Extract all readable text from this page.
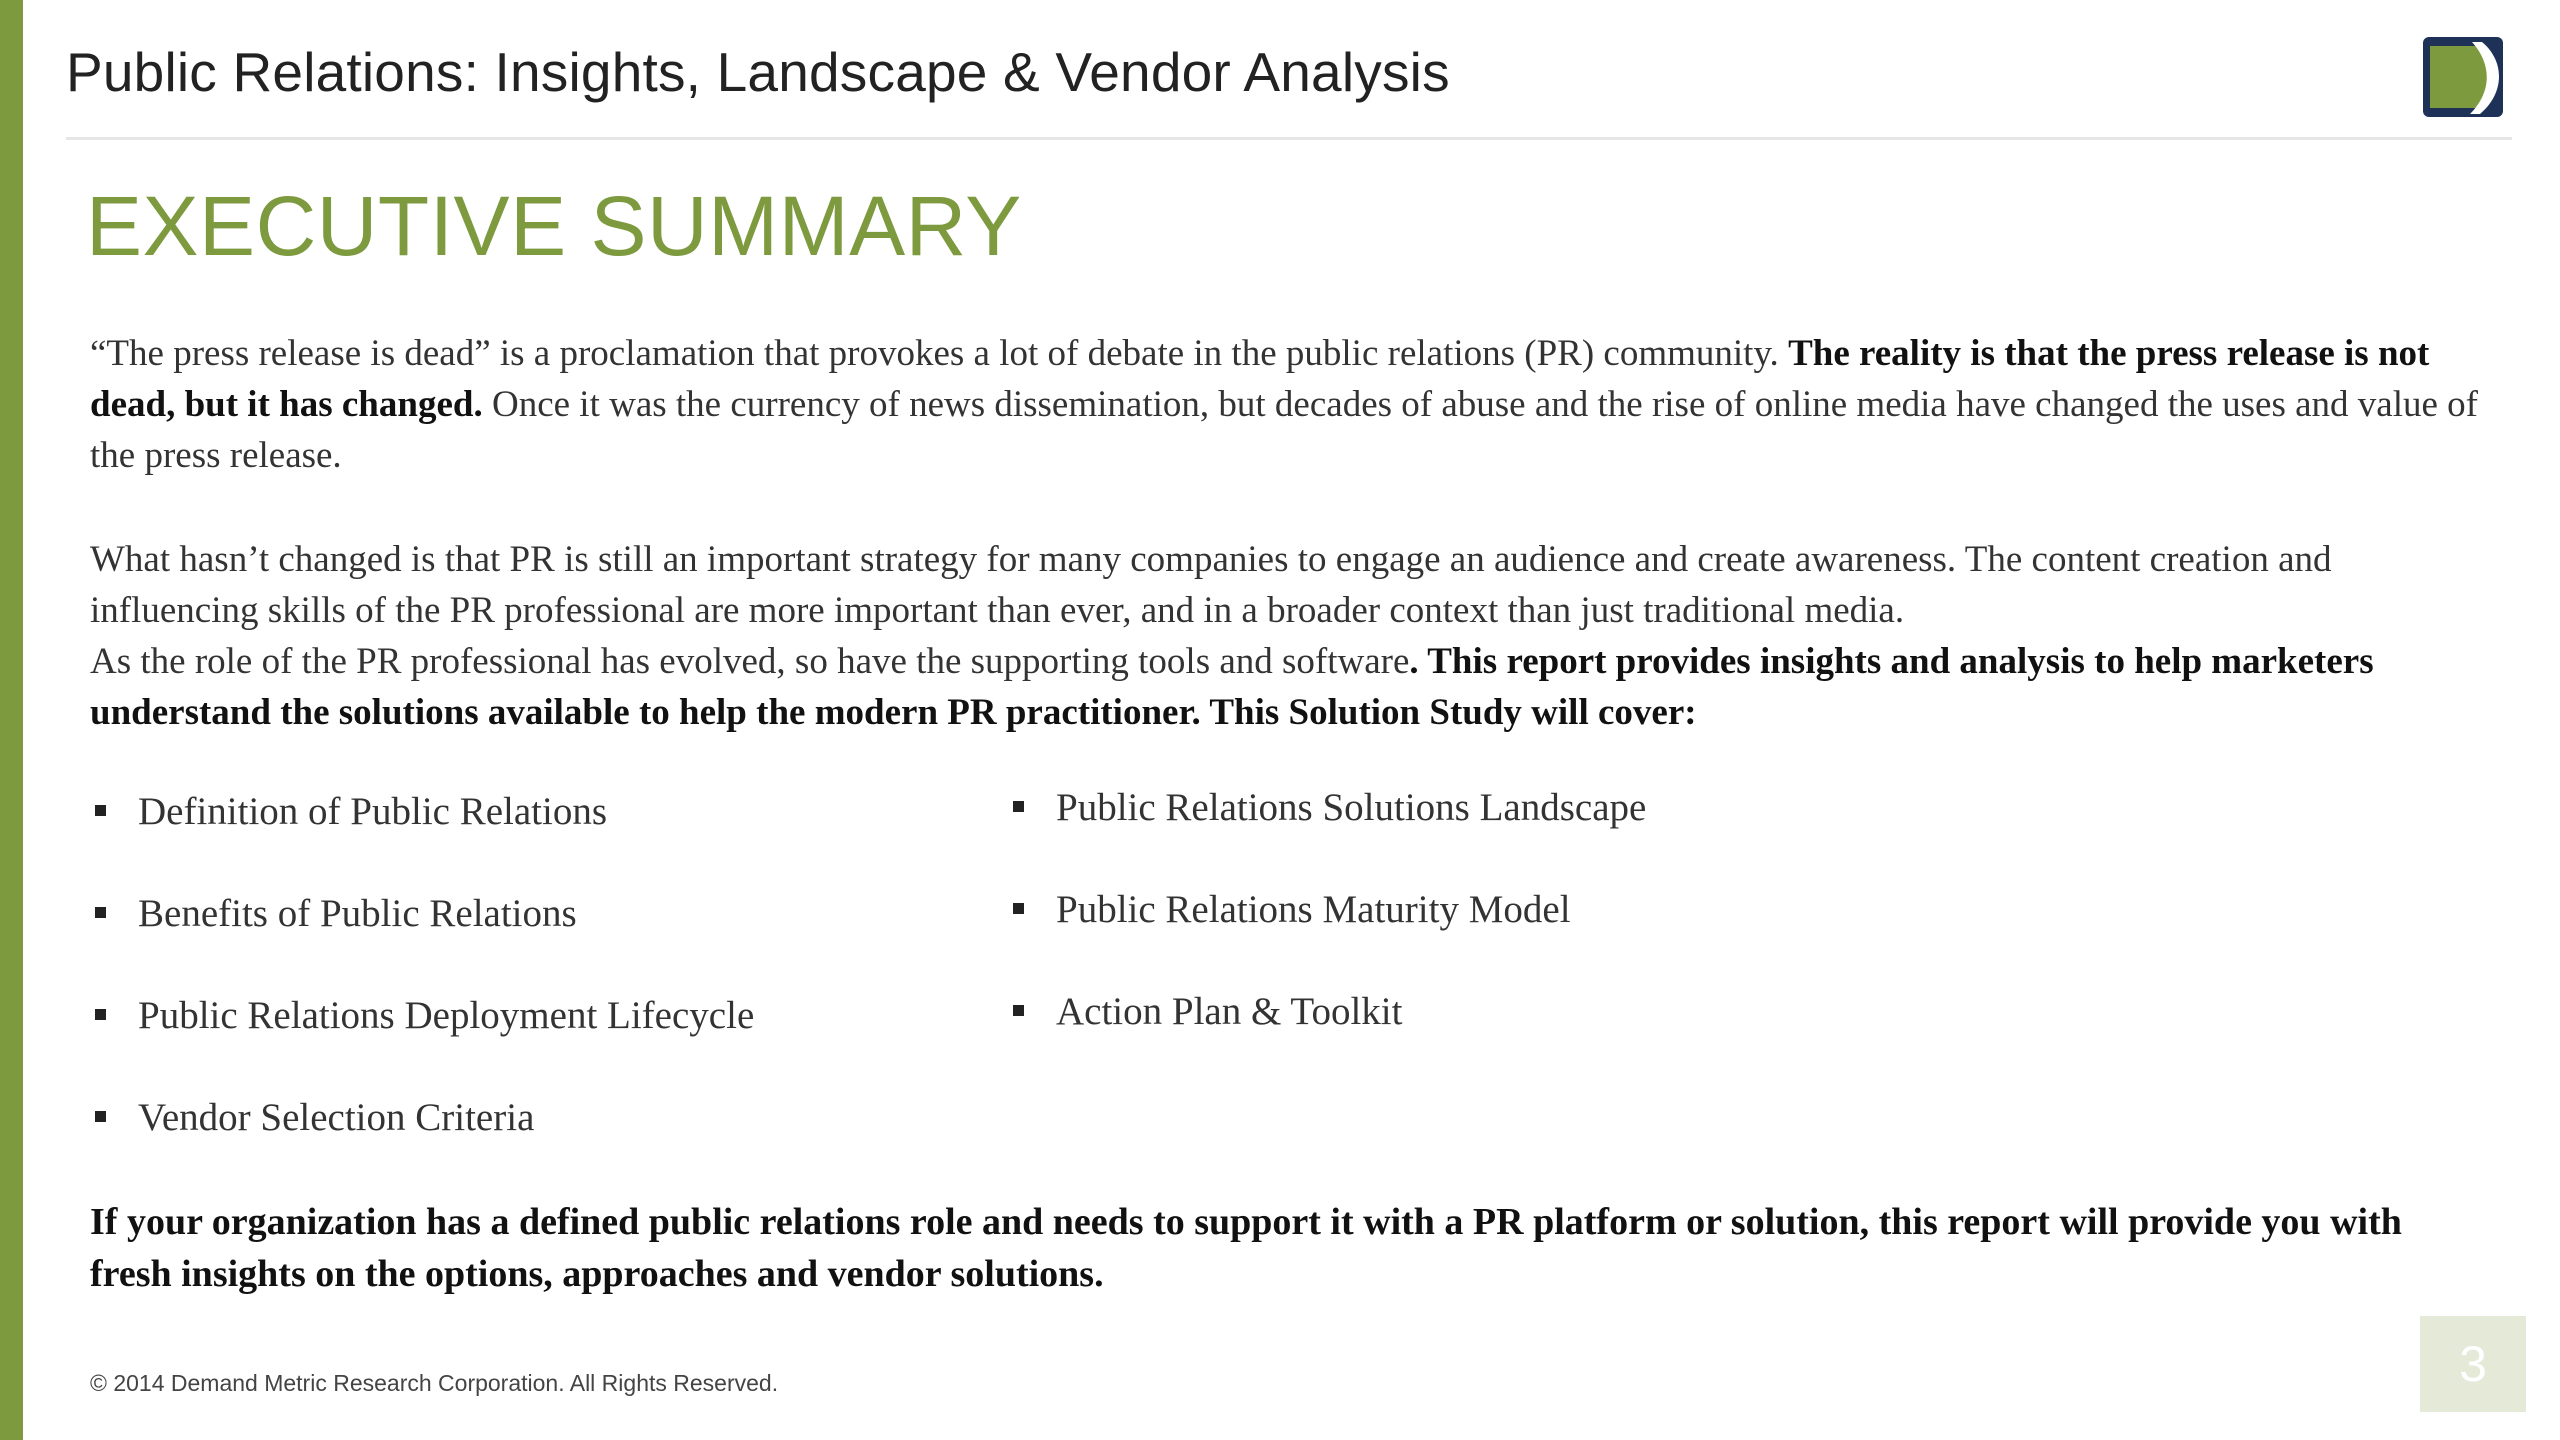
Public Relations: Insights, Landscape & Vendor Analysis
EXECUTIVE SUMMARY
“The press release is dead” is a proclamation that provokes a lot of debate in the public relations (PR) community. The reality is that the press release is not dead, but it has changed. Once it was the currency of news dissemination, but decades of abuse and the rise of online media have changed the uses and value of the press release.
What hasn’t changed is that PR is still an important strategy for many companies to engage an audience and create awareness. The content creation and influencing skills of the PR professional are more important than ever, and in a broader context than just traditional media.
As the role of the PR professional has evolved, so have the supporting tools and software. This report provides insights and analysis to help marketers understand the solutions available to help the modern PR practitioner. This Solution Study will cover:
Definition of Public Relations
Benefits of Public Relations
Public Relations Deployment Lifecycle
Vendor Selection Criteria
Public Relations Solutions Landscape
Public Relations Maturity Model
Action Plan & Toolkit
If your organization has a defined public relations role and needs to support it with a PR platform or solution, this report will provide you with fresh insights on the options, approaches and vendor solutions.
© 2014 Demand Metric Research Corporation. All Rights Reserved.	3
